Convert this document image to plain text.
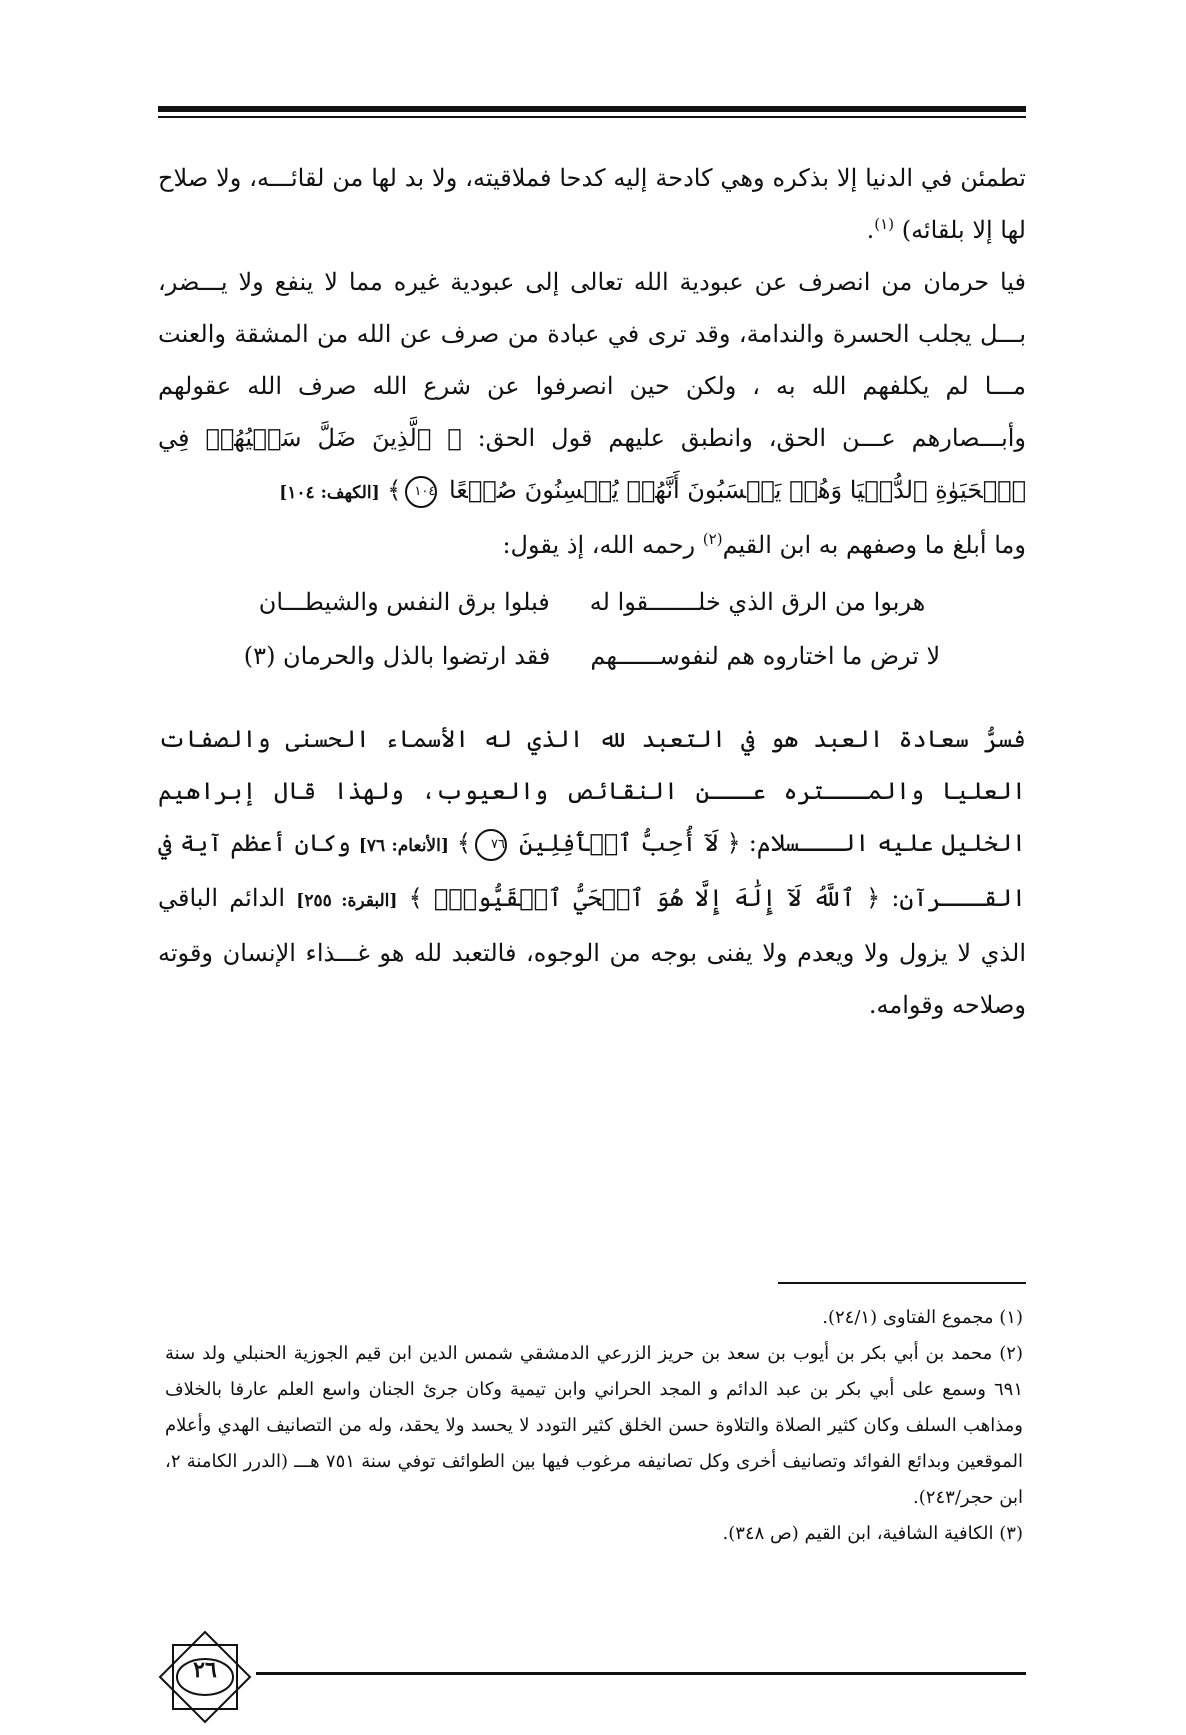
تطمئن في الدنيا إلا بذكره وهي كادحة إليه كدحا فملاقيته، ولا بد لها من لقائـــه، ولا صلاح لها إلا بلقائه) $^{(١)}$.

فيا حرمان من انصرف عن عبودية الله تعالى إلى عبودية غيره مما لا ينفع ولا يـــضر، بـــل يجلب الحسرة والندامة، وقد ترى في عبادة من صرف عن الله من المشقة والعنت مـــا لم يكلفهم الله به ، ولكن حين انصرفوا عن شرع الله صرف الله عقولهم وأبـــصارهم عـــن الحق، وانطبق عليهم قول الحق: ﴿ ٱلَّذِينَ ضَلَّ سَعۡيُهُمۡ فِي ٱلۡحَيَوٰةِ ٱلدُّنۡيَا وَهُمۡ يَحۡسَبُونَ أَنَّهُمۡ يُحۡسِنُونَ صُنۡعًا ١٠٤﴾ [الكهف: ١٠٤]

وما أبلغ ما وصفهم به ابن القيم$^{(٢)}$ رحمه الله، إذ يقول:

هربوا من الرق الذي خلـــــــقوا له
فبلوا برق النفس والشيطـــان
لا ترض ما اختاروه هم لنفوســــــهم
فقد ارتضوا بالذل والحرمان (٣)

فسرُّ سعادة العبد هو في التعبد لله الذي له الأسماء الحسنى والصفات العليا والمـــتره عـــن النقائص والعيوب، ولهذا قال إبراهيم الخليل عليه الـــسلام: ﴿ لَآ أُحِبُّ ٱلۡأٓفِلِينَ ٧٦﴾ [الأنعام: ٧٦] وكان أعظم آية في القـــرآن: ﴿ ٱللَّهُ لَآ إِلَٰهَ إِلَّا هُوَ ٱلۡحَيُّ ٱلۡقَيُّومُۚ ﴾ [البقرة: ٢٥٥] الدائم الباقي الذي لا يزول ولا ويعدم ولا يفنى بوجه من الوجوه، فالتعبد لله هو غـــذاء الإنسان وقوته وصلاحه وقوامه.

(١) مجموع الفتاوى (٢٤/١).

(٢) محمد بن أبي بكر بن أيوب بن سعد بن حريز الزرعي الدمشقي شمس الدين ابن قيم الجوزية الحنبلي ولد سنة ٦٩١ وسمع على أبي بكر بن عبد الدائم و المجد الحراني وابن تيمية وكان جرئ الجنان واسع العلم عارفا بالخلاف ومذاهب السلف وكان كثير الصلاة والتلاوة حسن الخلق كثير التودد لا يحسد ولا يحقد، وله من التصانيف الهدي وأعلام الموقعين وبدائع الفوائد وتصانيف أخرى وكل تصانيفه مرغوب فيها بين الطوائف توفي سنة ٧٥١ هـــ (الدرر الكامنة ٢، ابن حجر/٢٤٣).

(٣) الكافية الشافية، ابن القيم (ص ٣٤٨).

٢٦
